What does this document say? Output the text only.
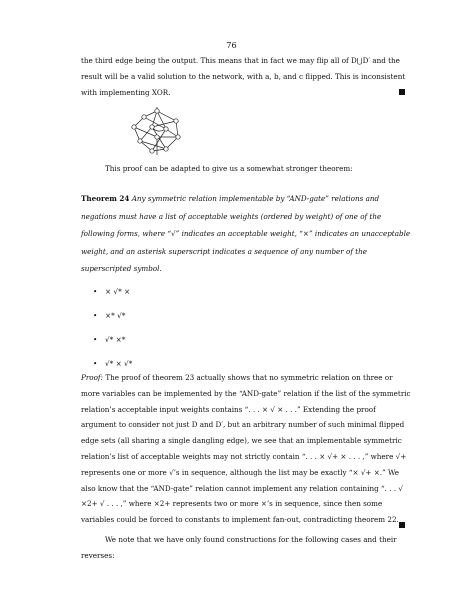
76
the third edge being the output. This means that in fact we may flip all of D⋃D′ and the result will be a valid solution to the network, with a, b, and c flipped. This is inconsistent with implementing XOR.
This proof can be adapted to give us a somewhat stronger theorem:
Theorem 24 Any symmetric relation implementable by “AND-gate” relations and negations must have a list of acceptable weights (ordered by weight) of one of the following forms, where “√” indicates an acceptable weight, “×” indicates an unacceptable weight, and an asterisk superscript indicates a sequence of any number of the superscripted symbol.
• × √* ×
• ×* √*
• √* ×*
• √* × √*
Proof: The proof of theorem 23 actually shows that no symmetric relation on three or more variables can be implemented by the “AND-gate” relation if the list of the symmetric relation’s acceptable input weights contains “. . . × √ × . . .” Extending the proof argument to consider not just D and D′, but an arbitrary number of such minimal flipped edge sets (all sharing a single dangling edge), we see that an implementable symmetric relation’s list of acceptable weights may not strictly contain “. . . × √+ × . . . ,” where √+ represents one or more √’s in sequence, although the list may be exactly “× √+ ×.” We also know that the “AND-gate” relation cannot implement any relation containing “. . . √ ×2+ √ . . . ,” where ×2+ represents two or more ×’s in sequence, since then some variables could be forced to constants to implement fan-out, contradicting theorem 22.
We note that we have only found constructions for the following cases and their reverses:
